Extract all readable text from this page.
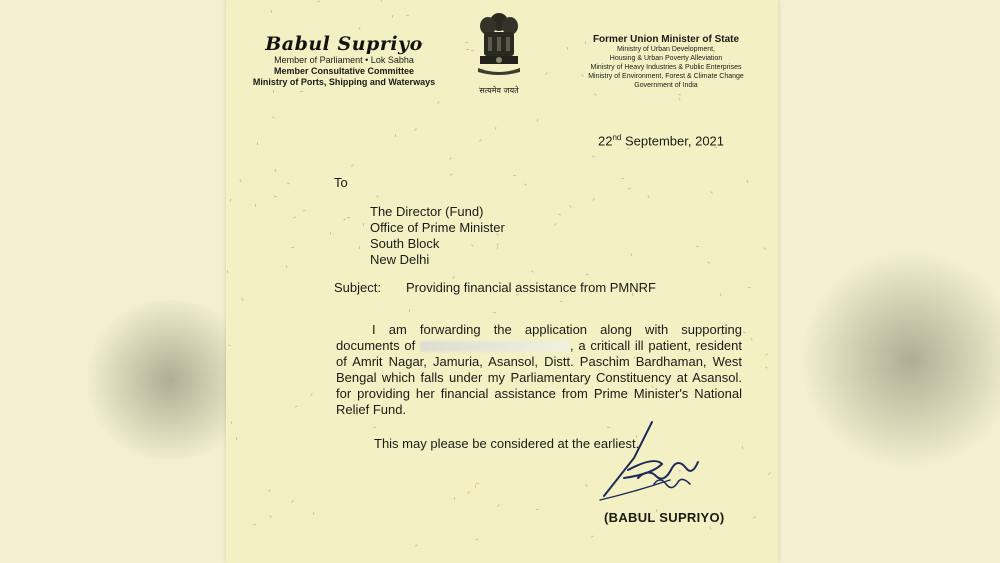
Babul Supriyo
Member of Parliament • Lok Sabha
Member Consultative Committee
Ministry of Ports, Shipping and Waterways
सत्यमेव जयते
Former Union Minister of State
Ministry of Urban Development,
Housing & Urban Poverty Alleviation
Ministry of Heavy Industries & Public Enterprises
Ministry of Environment, Forest & Climate Change
Government of India
22nd September, 2021
To
The Director (Fund)
Office of Prime Minister
South Block
New Delhi
Subject: Providing financial assistance from PMNRF
I am forwarding the application along with supporting documents of	, a criticall ill patient, resident of Amrit Nagar, Jamuria, Asansol, Distt. Paschim Bardhaman, West Bengal which falls under my Parliamentary Constituency at Asansol. for providing her financial assistance from Prime Minister's National Relief Fund.
This may please be considered at the earliest.
(BABUL SUPRIYO)
